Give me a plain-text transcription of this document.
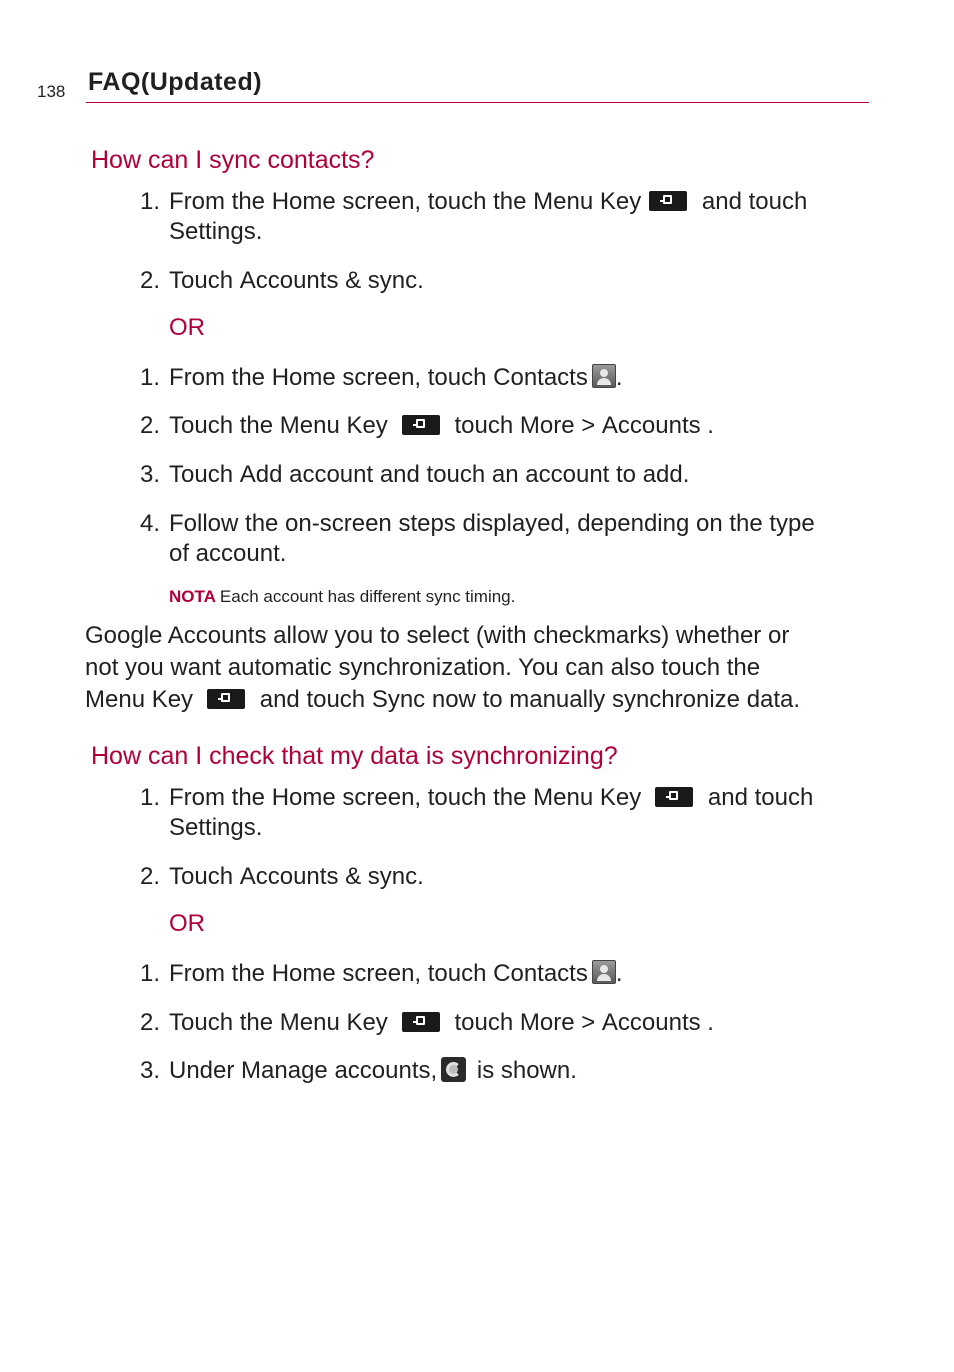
138 FAQ(Updated)
How can I sync contacts?
1. From the Home screen, touch the Menu Key and touch
Settings.
2. Touch Accounts & sync.
OR
1. From the Home screen, touch Contacts .
2. Touch the Menu Key	touch More > Accounts .
3. Touch Add account and touch an account to add.
4. Follow the on-screen steps displayed, depending on the type
of account.
NOTA Each account has different sync timing.
Google Accounts allow you to select (with checkmarks) whether or
not you want automatic synchronization. You can also touch the
Menu Key	and touch Sync now to manually synchronize data.
How can I check that my data is synchronizing?
1. From the Home screen, touch the Menu Key	and touch
Settings.
2. Touch Accounts & sync.
OR
1. From the Home screen, touch Contacts .
2. Touch the Menu Key	touch More > Accounts .
3. Under Manage accounts, is shown.
